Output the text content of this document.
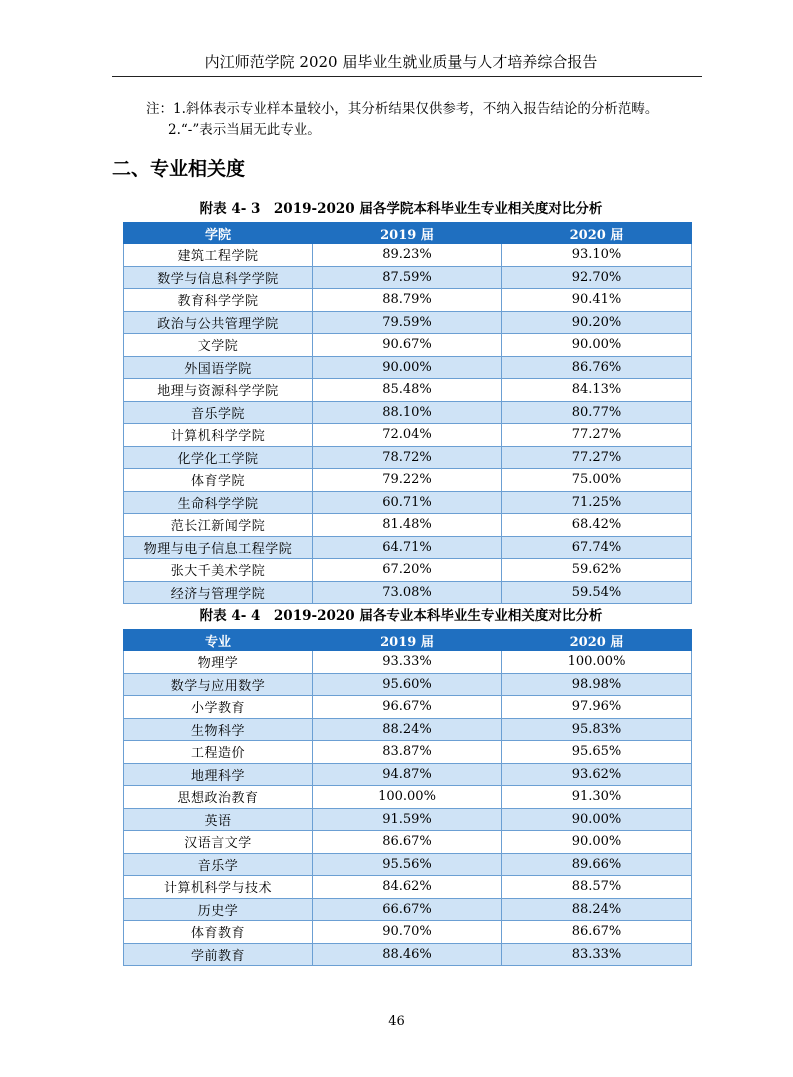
内江师范学院 2020 届毕业生就业质量与人才培养综合报告
注：1.斜体表示专业样本量较小，其分析结果仅供参考，不纳入报告结论的分析范畴。
2.“-”表示当届无此专业。
二、专业相关度
附表 4- 3　2019-2020 届各学院本科毕业生专业相关度对比分析
学院	2019 届	2020 届
建筑工程学院	89.23%	93.10%
数学与信息科学学院	87.59%	92.70%
教育科学学院	88.79%	90.41%
政治与公共管理学院	79.59%	90.20%
文学院	90.67%	90.00%
外国语学院	90.00%	86.76%
地理与资源科学学院	85.48%	84.13%
音乐学院	88.10%	80.77%
计算机科学学院	72.04%	77.27%
化学化工学院	78.72%	77.27%
体育学院	79.22%	75.00%
生命科学学院	60.71%	71.25%
范长江新闻学院	81.48%	68.42%
物理与电子信息工程学院	64.71%	67.74%
张大千美术学院	67.20%	59.62%
经济与管理学院	73.08%	59.54%
附表 4- 4　2019-2020 届各专业本科毕业生专业相关度对比分析
专业	2019 届	2020 届
物理学	93.33%	100.00%
数学与应用数学	95.60%	98.98%
小学教育	96.67%	97.96%
生物科学	88.24%	95.83%
工程造价	83.87%	95.65%
地理科学	94.87%	93.62%
思想政治教育	100.00%	91.30%
英语	91.59%	90.00%
汉语言文学	86.67%	90.00%
音乐学	95.56%	89.66%
计算机科学与技术	84.62%	88.57%
历史学	66.67%	88.24%
体育教育	90.70%	86.67%
学前教育	88.46%	83.33%
46
